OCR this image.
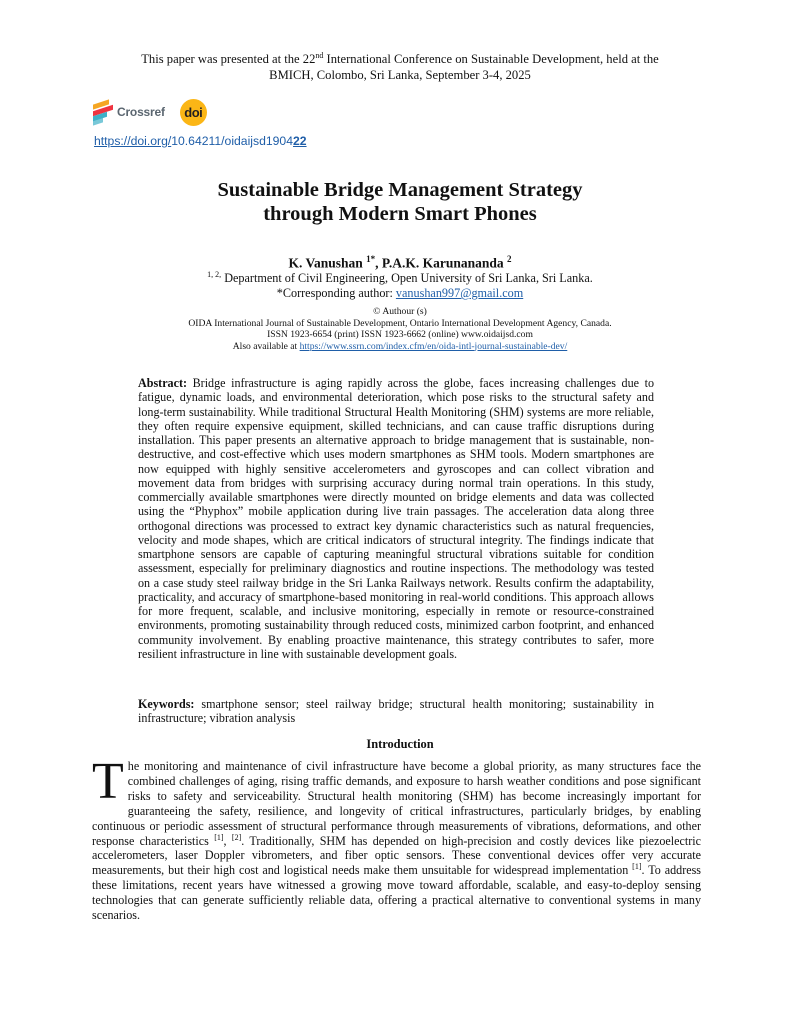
This paper was presented at the 22nd International Conference on Sustainable Development, held at the
BMICH, Colombo, Sri Lanka, September 3-4, 2025
Crossref doi
https://doi.org/10.64211/oidaijsd190422
Sustainable Bridge Management Strategy
through Modern Smart Phones
K. Vanushan $^{1*}$, P.A.K. Karunananda $^2$
$^{1, 2,}$ Department of Civil Engineering, Open University of Sri Lanka, Sri Lanka.
*Corresponding author: vanushan997@gmail.com
© Authour (s)
OIDA International Journal of Sustainable Development, Ontario International Development Agency, Canada.
ISSN 1923-6654 (print) ISSN 1923-6662 (online) www.oidaijsd.com
Also available at https://www.ssrn.com/index.cfm/en/oida-intl-journal-sustainable-dev/
Abstract: Bridge infrastructure is aging rapidly across the globe, faces increasing challenges due to fatigue, dynamic loads, and environmental deterioration, which pose risks to the structural safety and long-term sustainability. While traditional Structural Health Monitoring (SHM) systems are more reliable, they often require expensive equipment, skilled technicians, and can cause traffic disruptions during installation. This paper presents an alternative approach to bridge management that is sustainable, non- destructive, and cost-effective which uses modern smartphones as SHM tools. Modern smartphones are now equipped with highly sensitive accelerometers and gyroscopes and can collect vibration and movement data from bridges with surprising accuracy during normal train operations. In this study, commercially available smartphones were directly mounted on bridge elements and data was collected using the “Phyphox” mobile application during live train passages. The acceleration data along three orthogonal directions was processed to extract key dynamic characteristics such as natural frequencies, velocity and mode shapes, which are critical indicators of structural integrity. The findings indicate that smartphone sensors are capable of capturing meaningful structural vibrations suitable for condition assessment, especially for preliminary diagnostics and routine inspections. The methodology was tested on a case study steel railway bridge in the Sri Lanka Railways network. Results confirm the adaptability, practicality, and accuracy of smartphone-based monitoring in real-world conditions. This approach allows for more frequent, scalable, and inclusive monitoring, especially in remote or resource-constrained environments, promoting sustainability through reduced costs, minimized carbon footprint, and enhanced community involvement. By enabling proactive maintenance, this strategy contributes to safer, more resilient infrastructure in line with sustainable development goals.
Keywords: smartphone sensor; steel railway bridge; structural health monitoring; sustainability in infrastructure; vibration analysis
Introduction
The monitoring and maintenance of civil infrastructure have become a global priority, as many structures face the combined challenges of aging, rising traffic demands, and exposure to harsh weather conditions and pose significant risks to safety and serviceability. Structural health monitoring (SHM) has become increasingly important for guaranteeing the safety, resilience, and longevity of critical infrastructures, particularly bridges, by enabling continuous or periodic assessment of structural performance through measurements of vibrations, deformations, and other response characteristics [1], [2]. Traditionally, SHM has depended on high-precision and costly devices like piezoelectric accelerometers, laser Doppler vibrometers, and fiber optic sensors. These conventional devices offer very accurate measurements, but their high cost and logistical needs make them unsuitable for widespread implementation [1]. To address these limitations, recent years have witnessed a growing move toward affordable, scalable, and easy-to-deploy sensing technologies that can generate sufficiently reliable data, offering a practical alternative to conventional systems in many scenarios.
